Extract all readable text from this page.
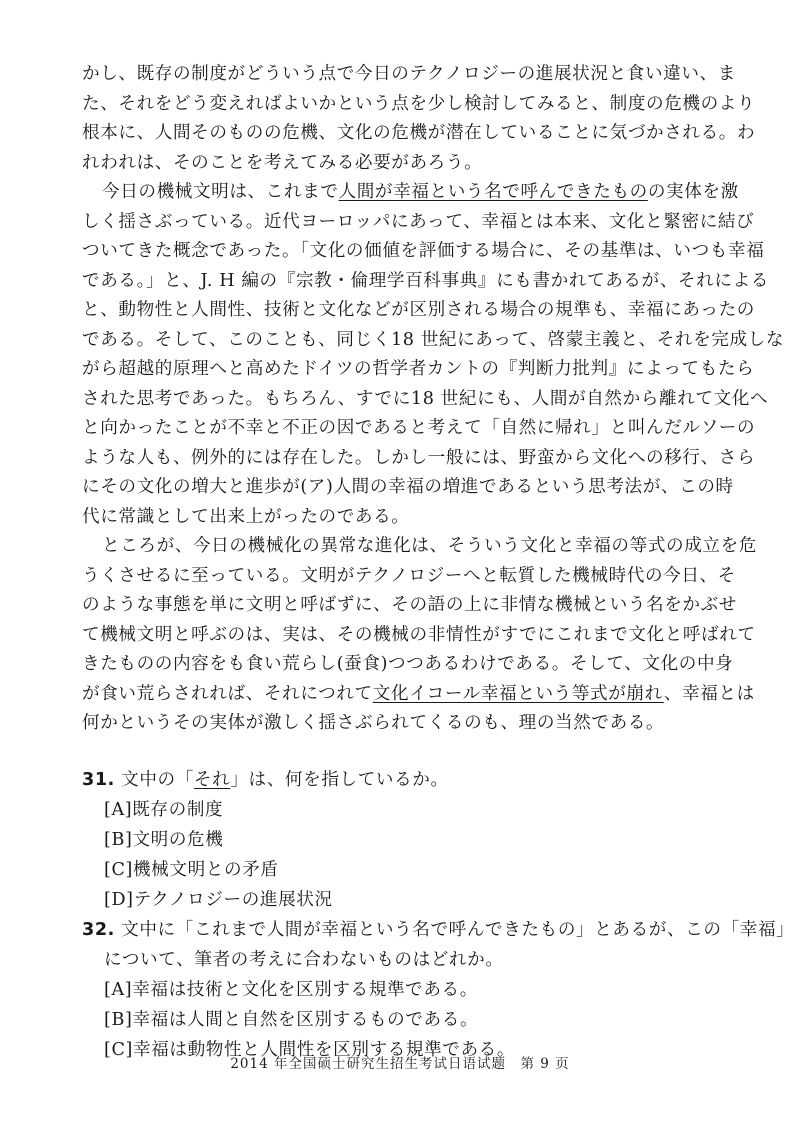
かし、既存の制度がどういう点で今日のテクノロジーの進展状況と食い違い、ま
た、それをどう変えればよいかという点を少し検討してみると、制度の危機のより
根本に、人間そのものの危機、文化の危機が潜在していることに気づかされる。わ
れわれは、そのことを考えてみる必要があろう。
今日の機械文明は、これまで人間が幸福という名で呼んできたものの実体を激
しく揺さぶっている。近代ヨーロッパにあって、幸福とは本来、文化と緊密に結び
ついてきた概念であった。「文化の価値を評価する場合に、その基準は、いつも幸福
である。」と、J. H 編の『宗教・倫理学百科事典』にも書かれてあるが、それによる
と、動物性と人間性、技術と文化などが区別される場合の規準も、幸福にあったの
である。そして、このことも、同じく18 世紀にあって、啓蒙主義と、それを完成しな
がら超越的原理へと高めたドイツの哲学者カントの『判断力批判』によってもたら
された思考であった。もちろん、すでに18 世紀にも、人間が自然から離れて文化へ
と向かったことが不幸と不正の因であると考えて「自然に帰れ」と叫んだルソーの
ような人も、例外的には存在した。しかし一般には、野蛮から文化への移行、さら
にその文化の増大と進歩が(ア)人間の幸福の増進であるという思考法が、この時
代に常識として出来上がったのである。
ところが、今日の機械化の異常な進化は、そういう文化と幸福の等式の成立を危
うくさせるに至っている。文明がテクノロジーへと転質した機械時代の今日、そ
のような事態を単に文明と呼ばずに、その語の上に非情な機械という名をかぶせ
て機械文明と呼ぶのは、実は、その機械の非情性がすでにこれまで文化と呼ばれて
きたものの内容をも食い荒らし(蚕食)つつあるわけである。そして、文化の中身
が食い荒らされれば、それにつれて文化イコール幸福という等式が崩れ、幸福とは
何かというその実体が激しく揺さぶられてくるのも、理の当然である。
31. 文中の「それ」は、何を指しているか。
[A]既存の制度
[B]文明の危機
[C]機械文明との矛盾
[D]テクノロジーの進展状況
32. 文中に「これまで人間が幸福という名で呼んできたもの」とあるが、この「幸福」
について、筆者の考えに合わないものはどれか。
[A]幸福は技術と文化を区別する規準である。
[B]幸福は人間と自然を区別するものである。
[C]幸福は動物性と人間性を区別する規準である。
2014 年全国硕士研究生招生考试日语试题　第 9 页
